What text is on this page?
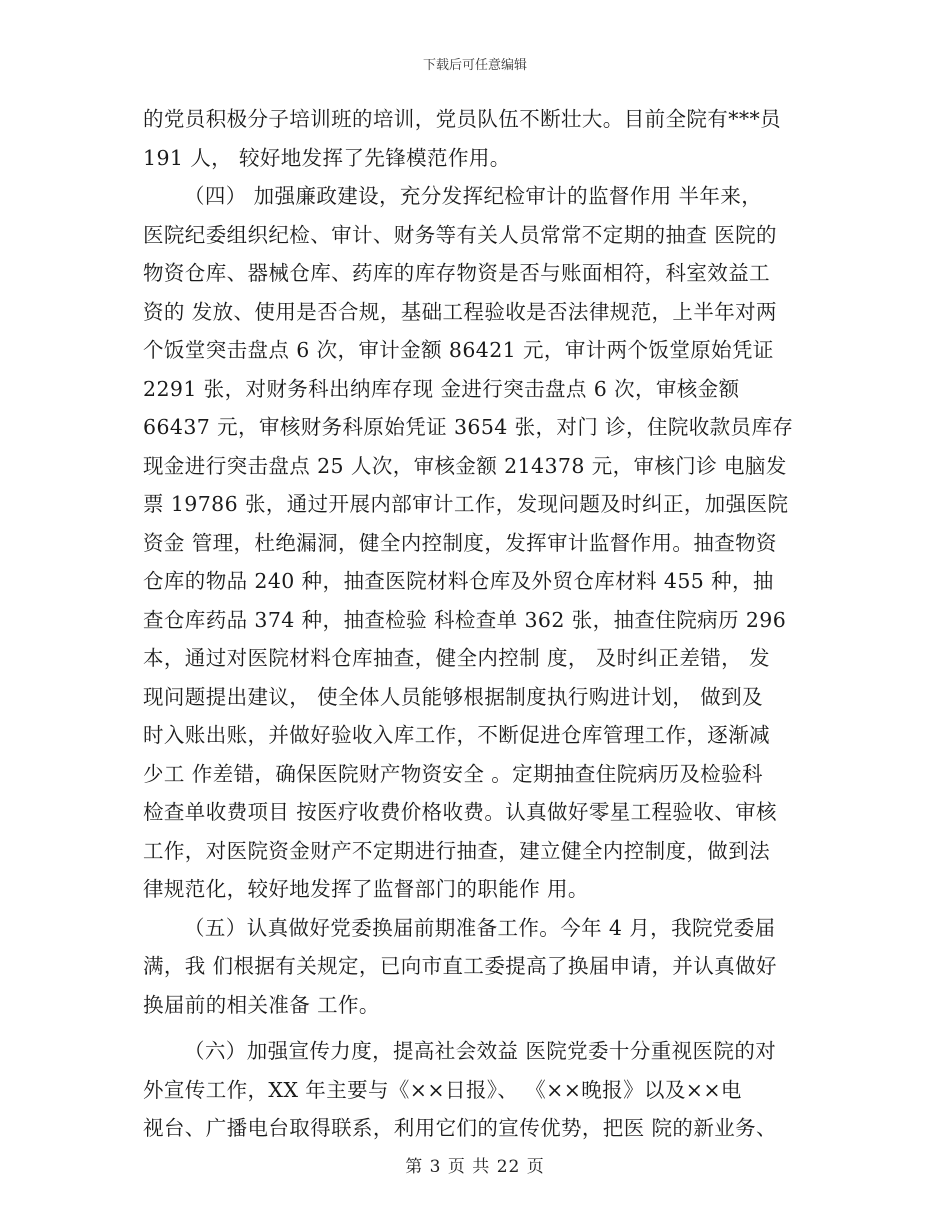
下载后可任意编辑
的党员积极分子培训班的培训，党员队伍不断壮大。目前全院有***员
191 人， 较好地发挥了先锋模范作用。
（四） 加强廉政建设，充分发挥纪检审计的监督作用 半年来，
医院纪委组织纪检、审计、财务等有关人员常常不定期的抽查 医院的
物资仓库、器械仓库、药库的库存物资是否与账面相符，科室效益工
资的 发放、使用是否合规，基础工程验收是否法律规范，上半年对两
个饭堂突击盘点 6 次，审计金额 86421 元，审计两个饭堂原始凭证
2291 张，对财务科出纳库存现 金进行突击盘点 6 次，审核金额
66437 元，审核财务科原始凭证 3654 张，对门 诊，住院收款员库存
现金进行突击盘点 25 人次，审核金额 214378 元，审核门诊 电脑发
票 19786 张，通过开展内部审计工作，发现问题及时纠正，加强医院
资金 管理，杜绝漏洞，健全内控制度，发挥审计监督作用。抽查物资
仓库的物品 240 种，抽查医院材料仓库及外贸仓库材料 455 种，抽
查仓库药品 374 种，抽查检验 科检查单 362 张，抽查住院病历 296
本，通过对医院材料仓库抽查，健全内控制 度， 及时纠正差错， 发
现问题提出建议， 使全体人员能够根据制度执行购进计划， 做到及
时入账出账，并做好验收入库工作，不断促进仓库管理工作，逐渐减
少工 作差错，确保医院财产物资安全 。定期抽查住院病历及检验科
检查单收费项目 按医疗收费价格收费。认真做好零星工程验收、审核
工作，对医院资金财产不定期进行抽查，建立健全内控制度，做到法
律规范化，较好地发挥了监督部门的职能作 用。
（五）认真做好党委换届前期准备工作。今年 4 月，我院党委届
满，我 们根据有关规定，已向市直工委提高了换届申请，并认真做好
换届前的相关准备 工作。
（六）加强宣传力度，提高社会效益 医院党委十分重视医院的对
外宣传工作，XX 年主要与《××日报》、 《××晚报》以及××电
视台、广播电台取得联系，利用它们的宣传优势，把医 院的新业务、
第 3 页 共 22 页
